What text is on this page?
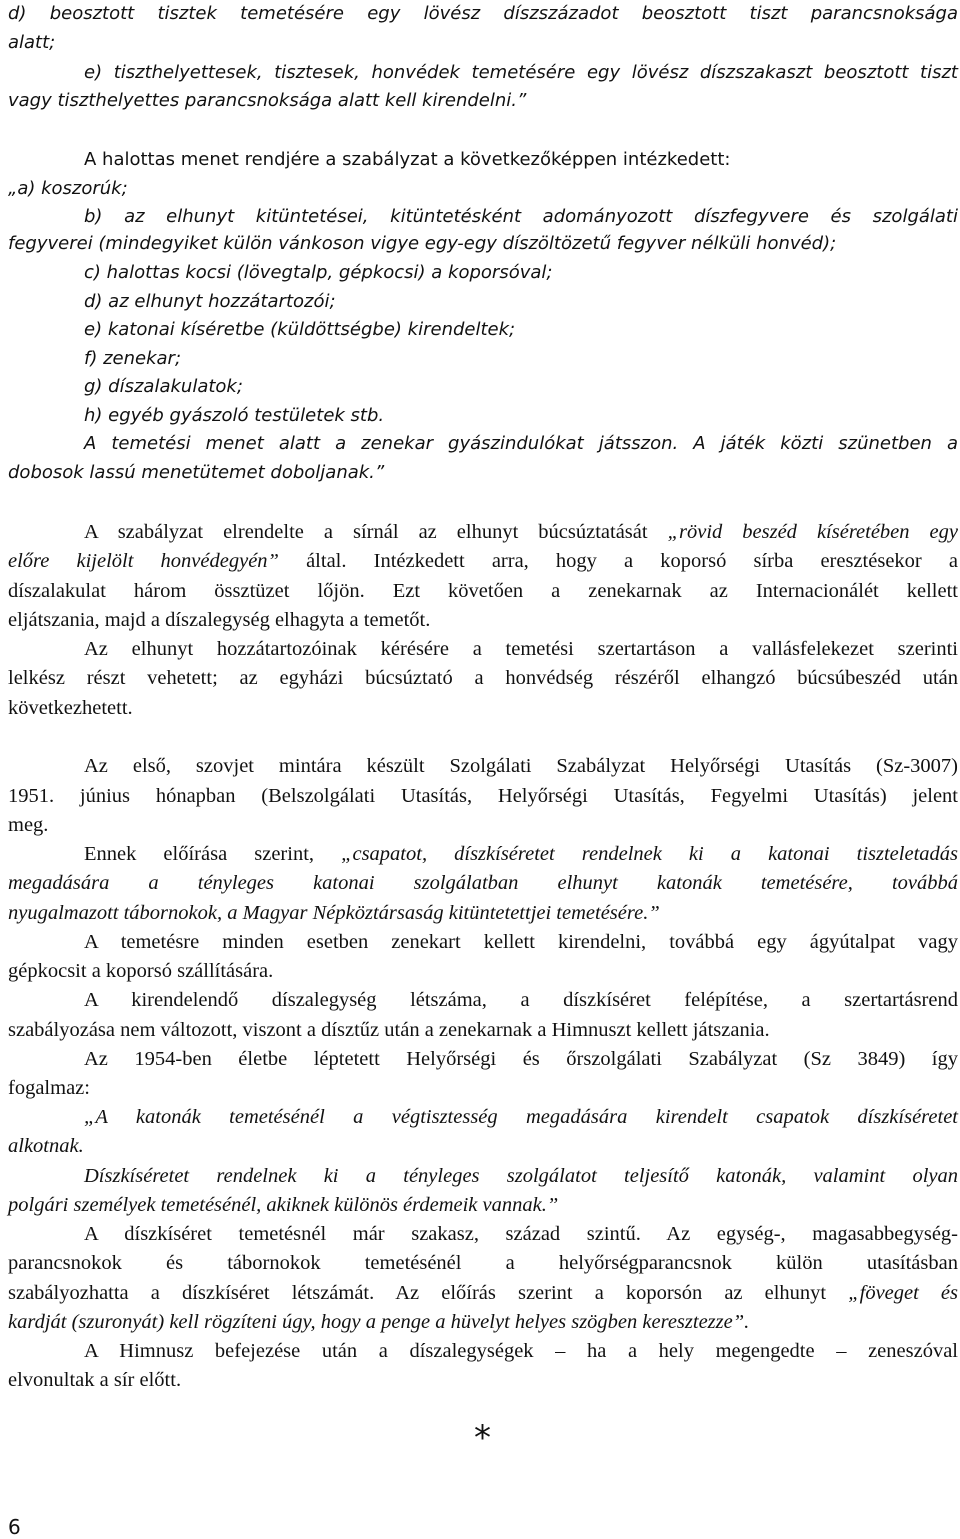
d) beosztott tisztek temetésére egy lövész díszszázadot beosztott tiszt parancsnoksága
alatt;
e) tiszthelyettesek, tisztesek, honvédek temetésére egy lövész díszszakaszt beosztott tiszt
vagy tiszthelyettes parancsnoksága alatt kell kirendelni.”
A halottas menet rendjére a szabályzat a következőképpen intézkedett:
„a) koszorúk;
b) az elhunyt kitüntetései, kitüntetésként adományozott díszfegyvere és szolgálati
fegyverei (mindegyiket külön vánkoson vigye egy-egy díszöltözetű fegyver nélküli honvéd);
c) halottas kocsi (lövegtalp, gépkocsi) a koporsóval;
d) az elhunyt hozzátartozói;
e) katonai kíséretbe (küldöttségbe) kirendeltek;
f) zenekar;
g) díszalakulatok;
h) egyéb gyászoló testületek stb.
A temetési menet alatt a zenekar gyászindulókat játsszon. A játék közti szünetben a
dobosok lassú menetütemet doboljanak.”
A szabályzat elrendelte a sírnál az elhunyt búcsúztatását „rövid beszéd kíséretében egy
előre kijelölt honvédegyén” által. Intézkedett arra, hogy a koporsó sírba eresztésekor a
díszalakulat három össztüzet lőjön. Ezt követően a zenekarnak az Internacionálét kellett
eljátszania, majd a díszalegység elhagyta a temetőt.
Az elhunyt hozzátartozóinak kérésére a temetési szertartáson a vallásfelekezet szerinti
lelkész részt vehetett; az egyházi búcsúztató a honvédség részéről elhangzó búcsúbeszéd után
következhetett.
Az első, szovjet mintára készült Szolgálati Szabályzat Helyőrségi Utasítás (Sz-3007)
1951. június hónapban (Belszolgálati Utasítás, Helyőrségi Utasítás, Fegyelmi Utasítás) jelent
meg.
Ennek előírása szerint, „csapatot, díszkíséretet rendelnek ki a katonai tiszteletadás
megadására a tényleges katonai szolgálatban elhunyt katonák temetésére, továbbá
nyugalmazott tábornokok, a Magyar Népköztársaság kitüntetettjei temetésére.”
A temetésre minden esetben zenekart kellett kirendelni, továbbá egy ágyútalpat vagy
gépkocsit a koporsó szállítására.
A kirendelendő díszalegység létszáma, a díszkíséret felépítése, a szertartásrend
szabályozása nem változott, viszont a dísztűz után a zenekarnak a Himnuszt kellett játszania.
Az 1954-ben életbe léptetett Helyőrségi és őrszolgálati Szabályzat (Sz 3849) így
fogalmaz:
„A katonák temetésénél a végtisztesség megadására kirendelt csapatok díszkíséretet
alkotnak.
Díszkíséretet rendelnek ki a tényleges szolgálatot teljesítő katonák, valamint olyan
polgári személyek temetésénél, akiknek különös érdemeik vannak.”
A díszkíséret temetésnél már szakasz, század szintű. Az egység-, magasabbegység-
parancsnokok és tábornokok temetésénél a helyőrségparancsnok külön utasításban
szabályozhatta a díszkíséret létszámát. Az előírás szerint a koporsón az elhunyt „föveget és
kardját (szuronyát) kell rögzíteni úgy, hogy a penge a hüvelyt helyes szögben keresztezze”.
A Himnusz befejezése után a díszalegységek – ha a hely megengedte – zeneszóval
elvonultak a sír előtt.
*
6
